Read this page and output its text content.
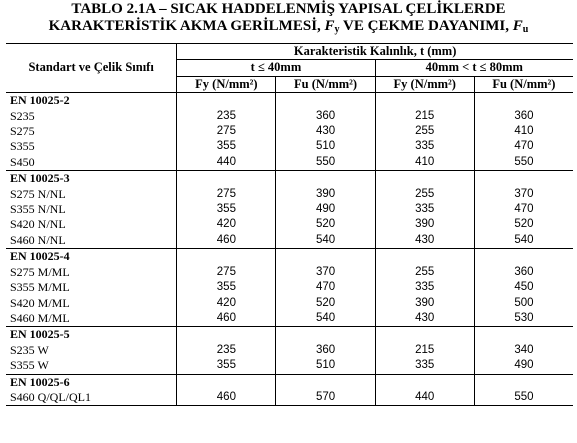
TABLO 2.1A – SICAK HADDELENMİŞ YAPISAL ÇELİKLERDE
KARAKTERİSTİK AKMA GERİLMESİ, $F_y$ VE ÇEKME DAYANIMI, $F_u$
Standart ve Çelik Sınıfı	Karakteristik Kalınlık, t (mm)			
	t ≤ 40mm		40mm < t ≤ 80mm	
	Fy (N/mm²)	Fu (N/mm²)	Fy (N/mm²)	Fu (N/mm²)
EN 10025-2				
S235	235	360	215	360
S275	275	430	255	410
S355	355	510	335	470
S450	440	550	410	550
EN 10025-3				
S275 N/NL	275	390	255	370
S355 N/NL	355	490	335	470
S420 N/NL	420	520	390	520
S460 N/NL	460	540	430	540
EN 10025-4				
S275 M/ML	275	370	255	360
S355 M/ML	355	470	335	450
S420 M/ML	420	520	390	500
S460 M/ML	460	540	430	530
EN 10025-5				
S235 W	235	360	215	340
S355 W	355	510	335	490
EN 10025-6				
S460 Q/QL/QL1	460	570	440	550
